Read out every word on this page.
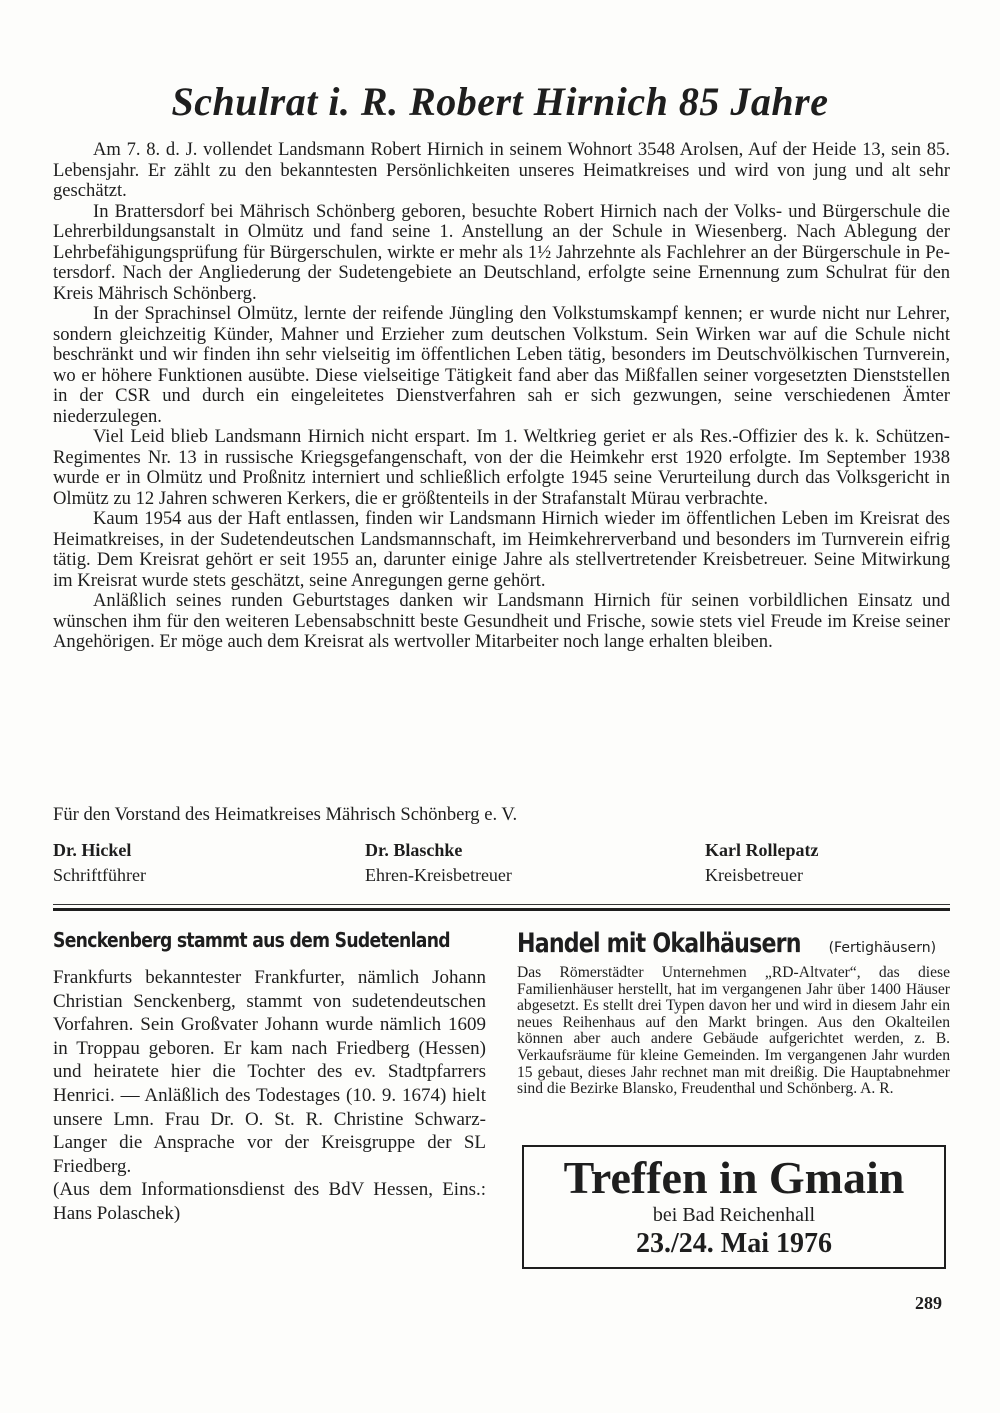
Schulrat i. R. Robert Hirnich 85 Jahre

Am 7. 8. d. J. vollendet Landsmann Robert Hirnich in seinem Wohnort 3548 Arolsen, Auf der Heide 13, sein 85. Lebensjahr. Er zählt zu den bekanntesten Persönlichkeiten unseres Heimatkreises und wird von jung und alt sehr geschätzt.

In Brattersdorf bei Mährisch Schönberg geboren, besuchte Robert Hirnich nach der Volks- und Bürgerschule die Lehrerbildungsanstalt in Olmütz und fand seine 1. Anstellung an der Schule in Wiesenberg. Nach Ablegung der Lehrbefähigungsprüfung für Bürgerschulen, wirkte er mehr als 1½ Jahrzehnte als Fachlehrer an der Bürgerschule in Petersdorf. Nach der Angliederung der Sudetengebiete an Deutschland, erfolgte seine Ernennung zum Schulrat für den Kreis Mährisch Schönberg.

In der Sprachinsel Olmütz, lernte der reifende Jüngling den Volkstumskampf kennen; er wurde nicht nur Lehrer, sondern gleichzeitig Künder, Mahner und Erzieher zum deutschen Volkstum. Sein Wirken war auf die Schule nicht beschränkt und wir finden ihn sehr vielseitig im öffentlichen Leben tätig, besonders im Deutschvölkischen Turnverein, wo er höhere Funktionen ausübte. Diese vielseitige Tätigkeit fand aber das Mißfallen seiner vorgesetzten Dienststellen in der CSR und durch ein eingeleitetes Dienstverfahren sah er sich gezwungen, seine verschiedenen Ämter niederzulegen.

Viel Leid blieb Landsmann Hirnich nicht erspart. Im 1. Weltkrieg geriet er als Res.-Offizier des k. k. Schützen-Regimentes Nr. 13 in russische Kriegsgefangenschaft, von der die Heimkehr erst 1920 erfolgte. Im September 1938 wurde er in Olmütz und Proßnitz interniert und schließlich erfolgte 1945 seine Verurteilung durch das Volksgericht in Olmütz zu 12 Jahren schweren Kerkers, die er größtenteils in der Strafanstalt Mürau verbrachte.

Kaum 1954 aus der Haft entlassen, finden wir Landsmann Hirnich wieder im öffentlichen Leben im Kreisrat des Heimatkreises, in der Sudetendeutschen Landsmannschaft, im Heimkehrerverband und besonders im Turnverein eifrig tätig. Dem Kreisrat gehört er seit 1955 an, darunter einige Jahre als stellvertretender Kreisbetreuer. Seine Mitwirkung im Kreisrat wurde stets geschätzt, seine Anregungen gerne gehört.

Anläßlich seines runden Geburtstages danken wir Landsmann Hirnich für seinen vorbildlichen Einsatz und wünschen ihm für den weiteren Lebensabschnitt beste Gesundheit und Frische, sowie stets viel Freude im Kreise seiner Angehörigen. Er möge auch dem Kreisrat als wertvoller Mitarbeiter noch lange erhalten bleiben.

Für den Vorstand des Heimatkreises Mährisch Schönberg e. V.
Dr. Hickel
Schriftführer
Dr. Blaschke
Ehren-Kreisbetreuer
Karl Rollepatz
Kreisbetreuer
Senckenberg stammt aus dem Sudetenland

Frankfurts bekanntester Frankfurter, nämlich Johann Christian Senckenberg, stammt von sudetendeutschen Vorfahren. Sein Großvater Johann wurde nämlich 1609 in Troppau geboren. Er kam nach Friedberg (Hessen) und heiratete hier die Tochter des ev. Stadtpfarrers Henrici. — Anläßlich des Todestages (10. 9. 1674) hielt unsere Lmn. Frau Dr. O. St. R. Christine Schwarz-Langer die Ansprache vor der Kreisgruppe der SL Friedberg.

(Aus dem Informationsdienst des BdV Hessen, Eins.: Hans Polaschek)

Handel mit Okalhäusern (Fertighäusern)

Das Römerstädter Unternehmen „RD-Altvater“, das diese Familienhäuser herstellt, hat im vergangenen Jahr über 1400 Häuser abgesetzt. Es stellt drei Typen davon her und wird in diesem Jahr ein neues Reihenhaus auf den Markt bringen. Aus den Okalteilen können aber auch andere Gebäude aufgerichtet werden, z. B. Verkaufsräume für kleine Gemeinden. Im vergangenen Jahr wurden 15 gebaut, dieses Jahr rechnet man mit dreißig. Die Hauptabnehmer sind die Bezirke Blansko, Freudenthal und Schönberg. A. R.

Treffen in Gmain
bei Bad Reichenhall
23./24. Mai 1976
289
